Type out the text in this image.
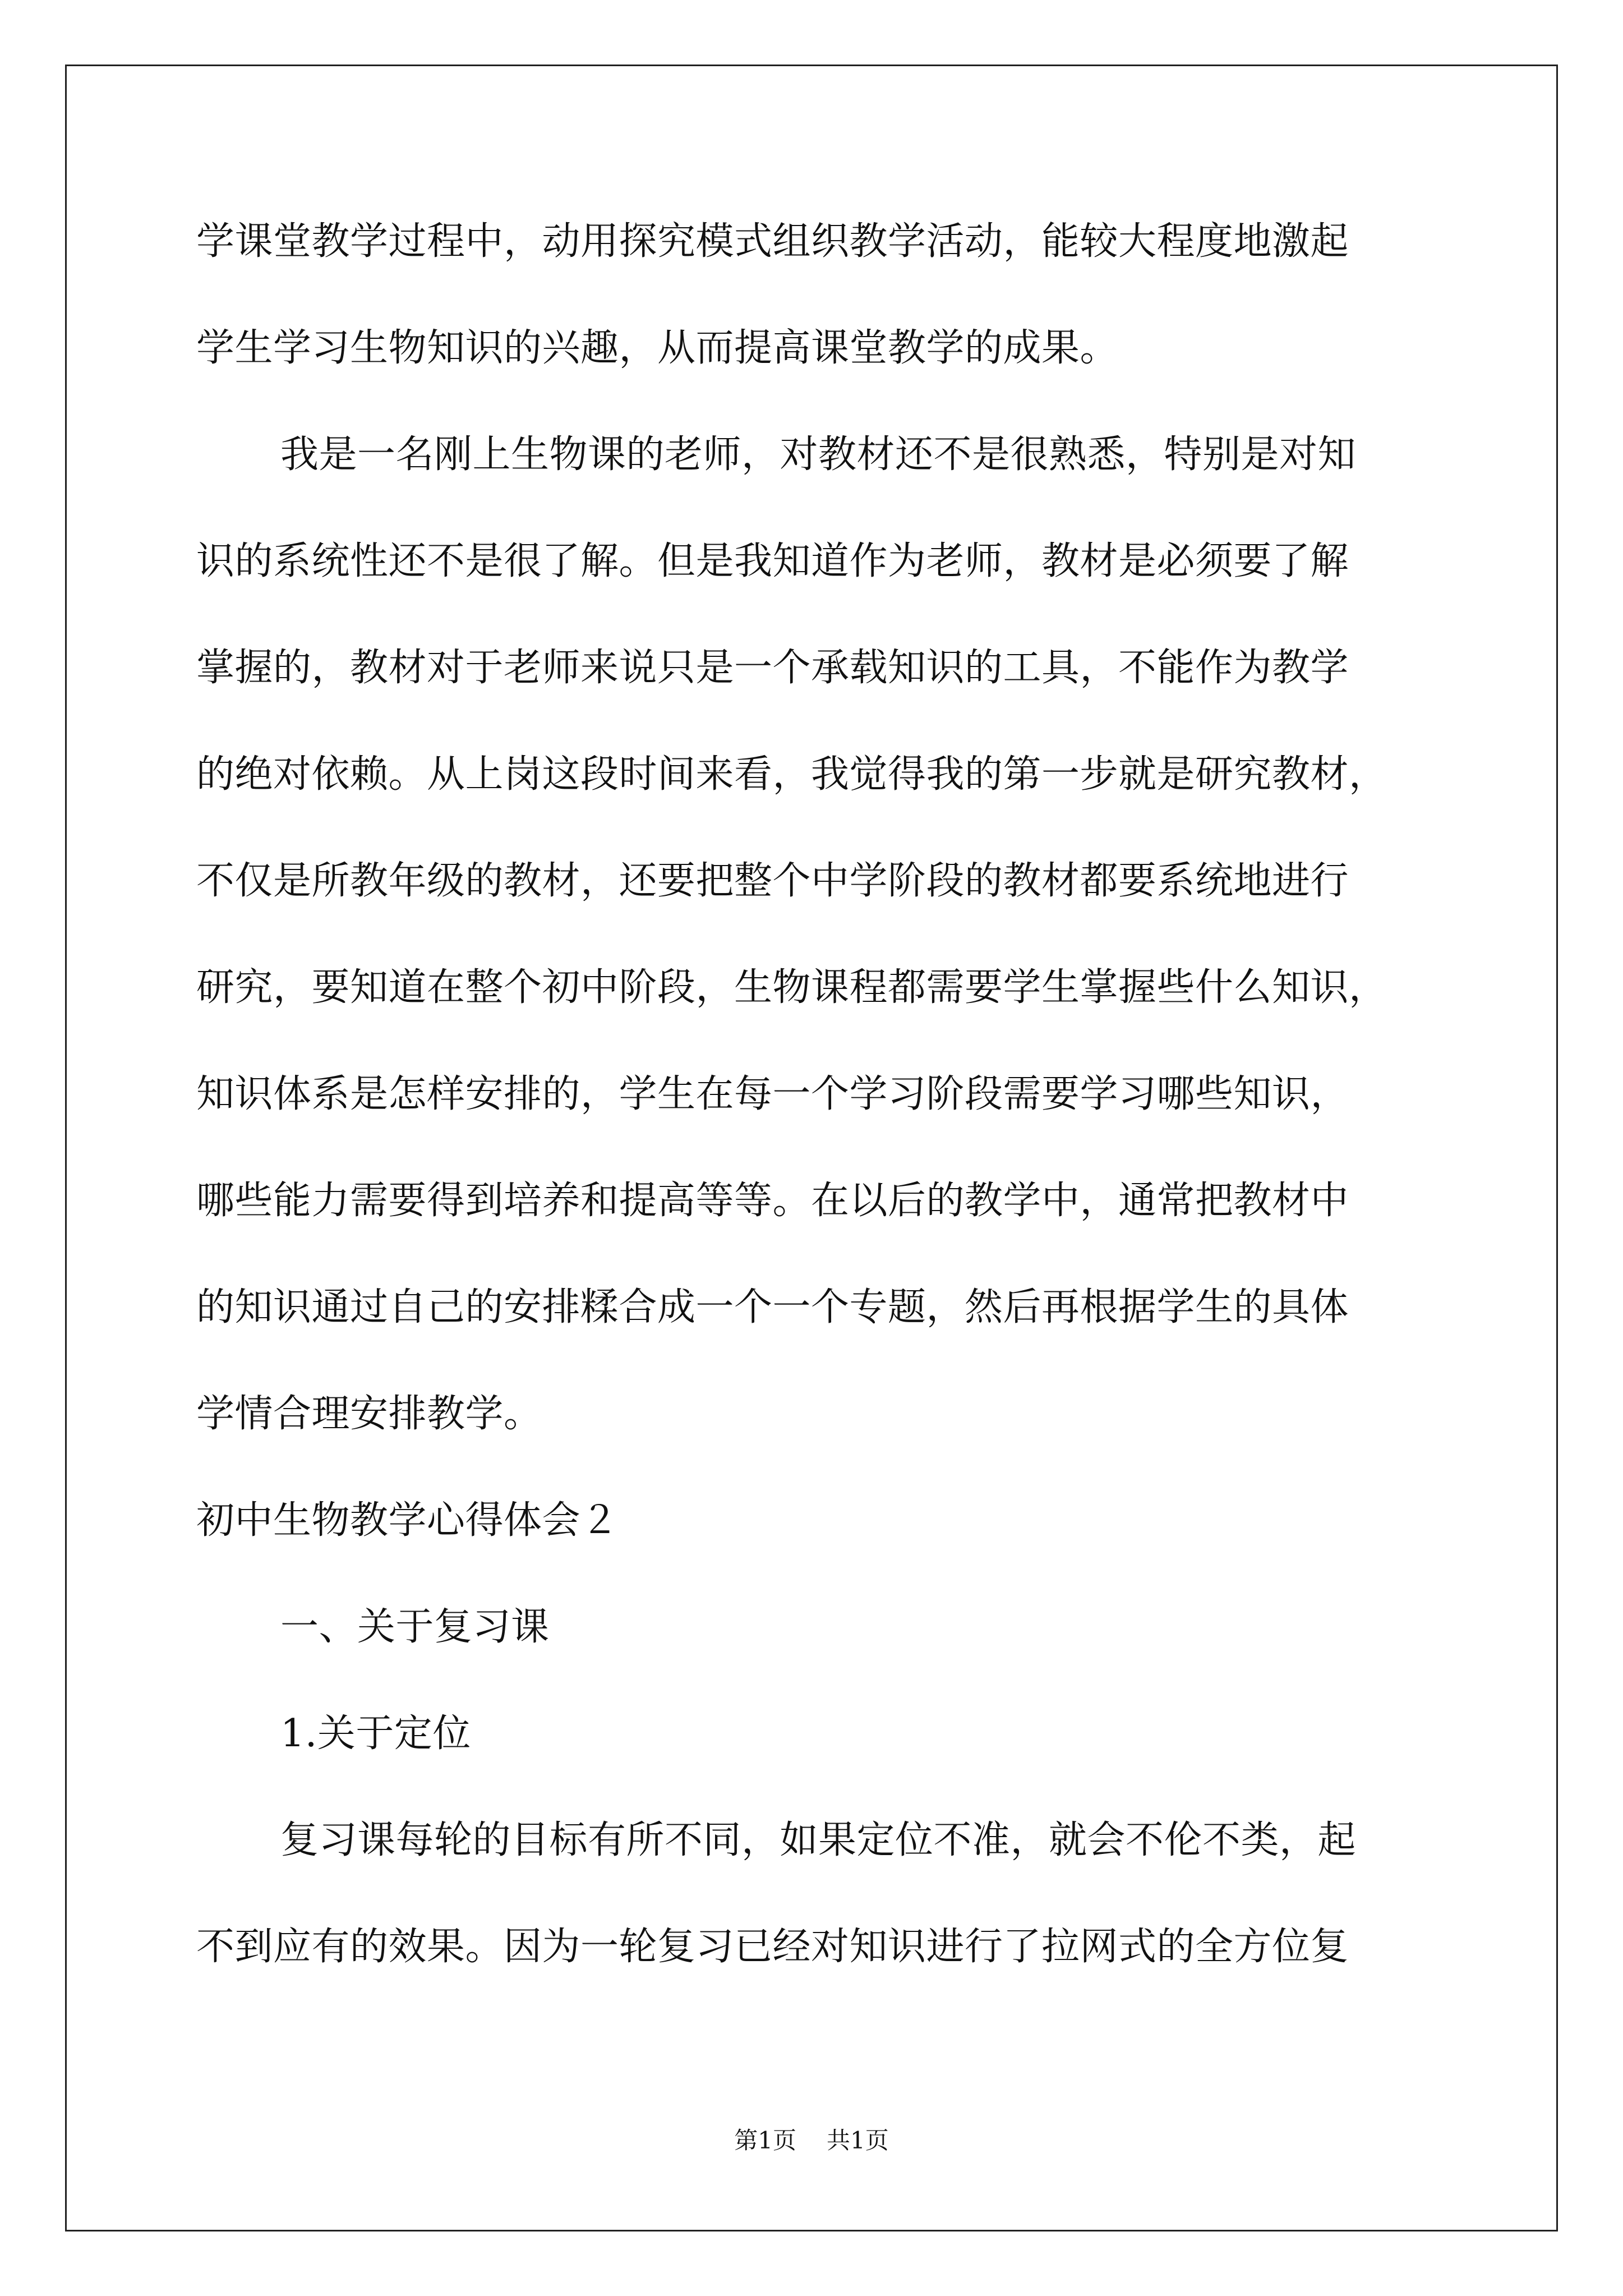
学课堂教学过程中，动用探究模式组织教学活动，能较大程度地激起
学生学习生物知识的兴趣，从而提高课堂教学的成果。
我是一名刚上生物课的老师，对教材还不是很熟悉，特别是对知
识的系统性还不是很了解。但是我知道作为老师，教材是必须要了解
掌握的，教材对于老师来说只是一个承载知识的工具，不能作为教学
的绝对依赖。从上岗这段时间来看，我觉得我的第一步就是研究教材，
不仅是所教年级的教材，还要把整个中学阶段的教材都要系统地进行
研究，要知道在整个初中阶段，生物课程都需要学生掌握些什么知识，
知识体系是怎样安排的，学生在每一个学习阶段需要学习哪些知识，
哪些能力需要得到培养和提高等等。在以后的教学中，通常把教材中
的知识通过自己的安排糅合成一个一个专题，然后再根据学生的具体
学情合理安排教学。
初中生物教学心得体会２
一、关于复习课
1.关于定位
复习课每轮的目标有所不同，如果定位不准，就会不伦不类，起
不到应有的效果。因为一轮复习已经对知识进行了拉网式的全方位复
第1页 共1页
